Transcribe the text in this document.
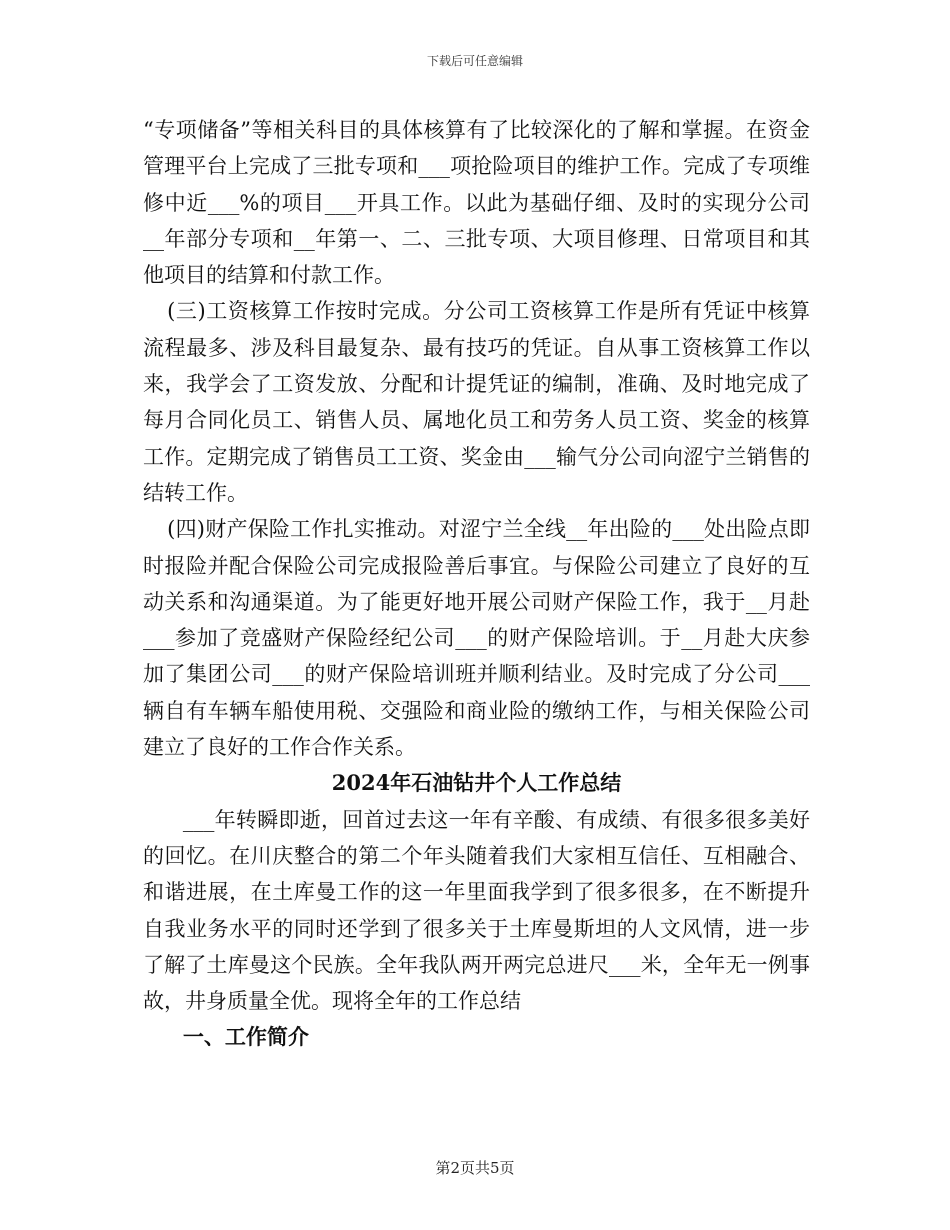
下载后可任意编辑

“专项储备”等相关科目的具体核算有了比较深化的了解和掌握。在资金管理平台上完成了三批专项和___项抢险项目的维护工作。完成了专项维修中近___%的项目___开具工作。以此为基础仔细、及时的实现分公司__年部分专项和__年第一、二、三批专项、大项目修理、日常项目和其他项目的结算和付款工作。

(三)工资核算工作按时完成。分公司工资核算工作是所有凭证中核算流程最多、涉及科目最复杂、最有技巧的凭证。自从事工资核算工作以来，我学会了工资发放、分配和计提凭证的编制，准确、及时地完成了每月合同化员工、销售人员、属地化员工和劳务人员工资、奖金的核算工作。定期完成了销售员工工资、奖金由___输气分公司向涩宁兰销售的结转工作。

(四)财产保险工作扎实推动。对涩宁兰全线__年出险的___处出险点即时报险并配合保险公司完成报险善后事宜。与保险公司建立了良好的互动关系和沟通渠道。为了能更好地开展公司财产保险工作，我于__月赴___参加了竞盛财产保险经纪公司___的财产保险培训。于__月赴大庆参加了集团公司___的财产保险培训班并顺利结业。及时完成了分公司___辆自有车辆车船使用税、交强险和商业险的缴纳工作，与相关保险公司建立了良好的工作合作关系。

2024年石油钻井个人工作总结

___年转瞬即逝，回首过去这一年有辛酸、有成绩、有很多很多美好的回忆。在川庆整合的第二个年头随着我们大家相互信任、互相融合、和谐进展，在土库曼工作的这一年里面我学到了很多很多，在不断提升自我业务水平的同时还学到了很多关于土库曼斯坦的人文风情，进一步了解了土库曼这个民族。全年我队两开两完总进尺___米，全年无一例事故，井身质量全优。现将全年的工作总结

一、工作简介

第2页共5页
